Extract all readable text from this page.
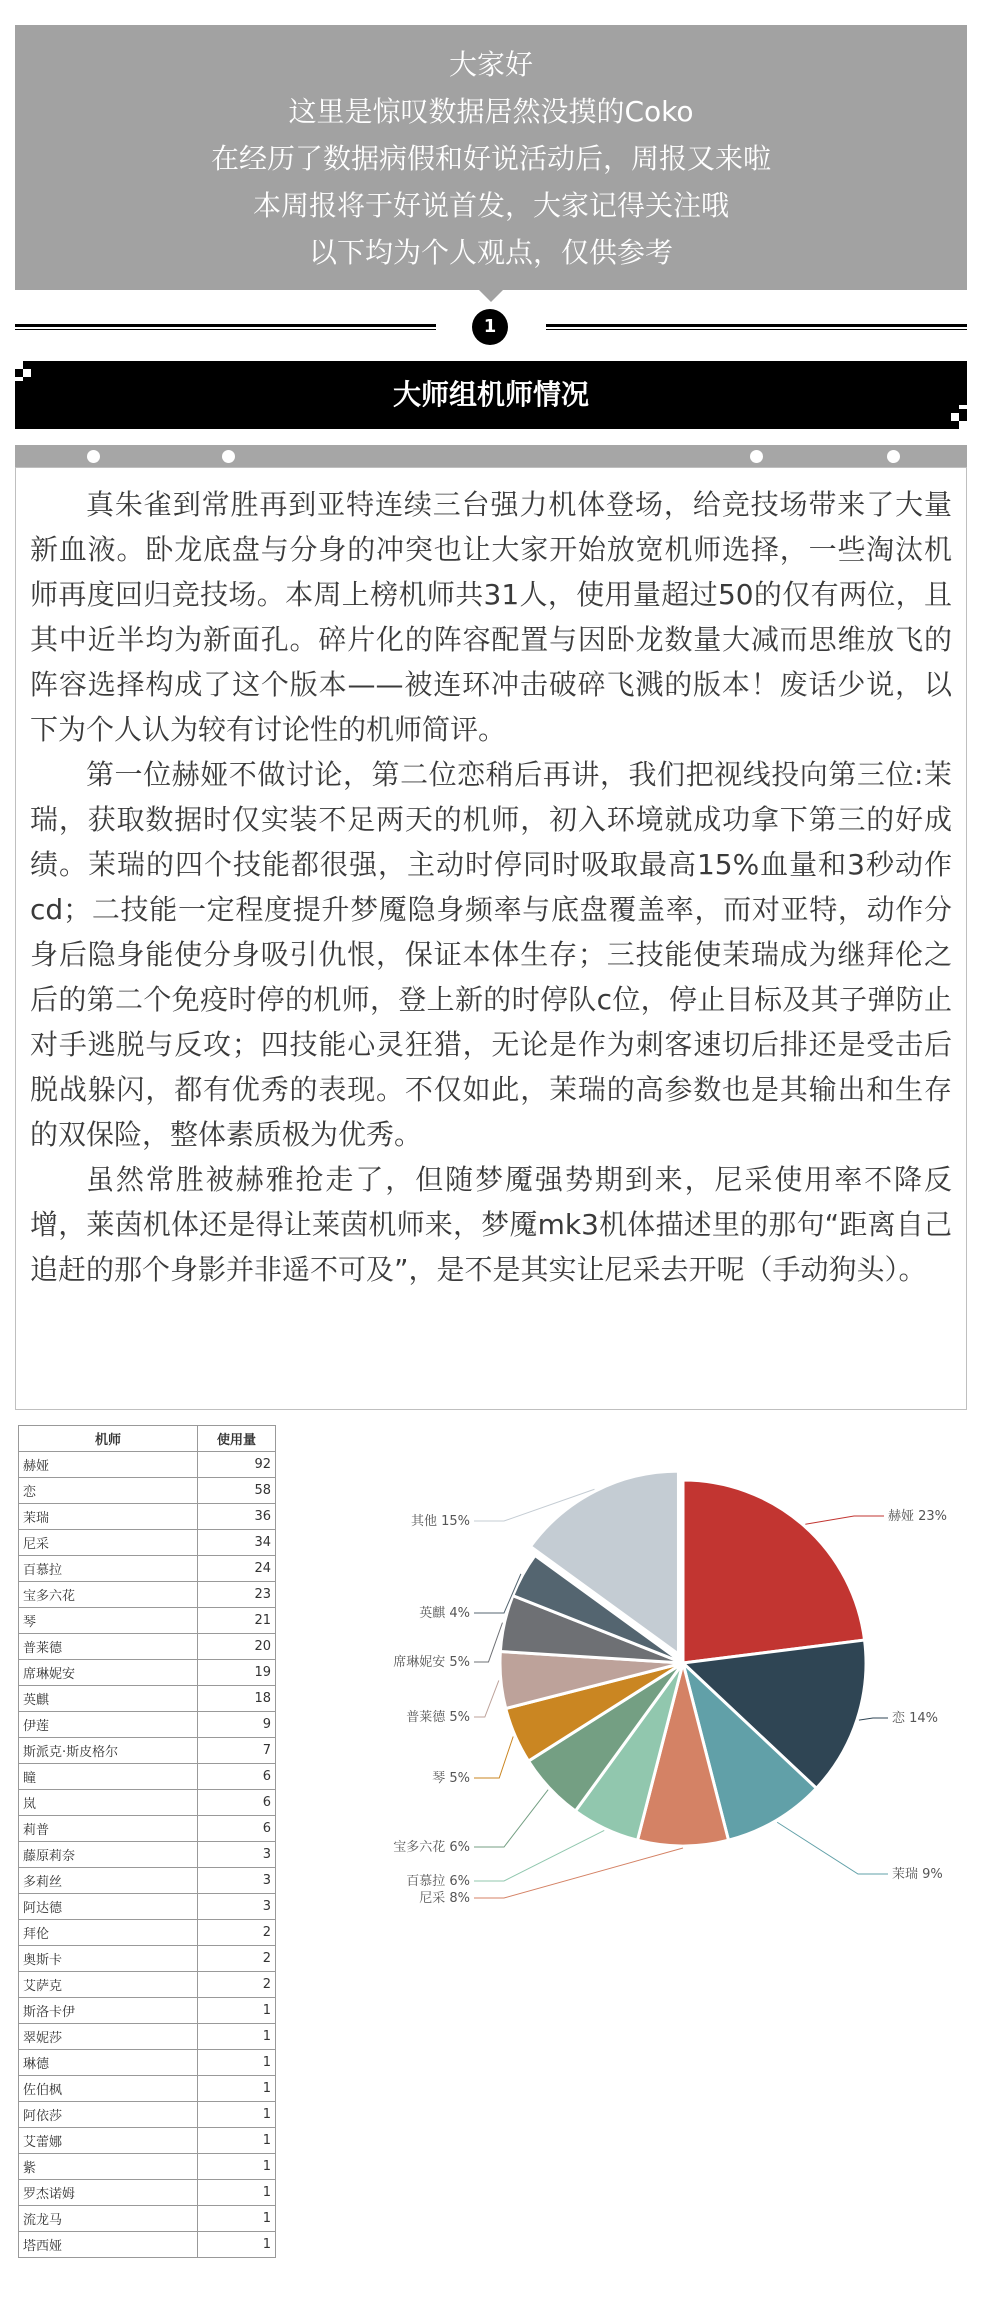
大家好
这里是惊叹数据居然没摸的Coko
在经历了数据病假和好说活动后，周报又来啦
本周报将于好说首发，大家记得关注哦
以下均为个人观点，仅供参考
1
大师组机师情况

真朱雀到常胜再到亚特连续三台强力机体登场，给竞技场带来了大量新血液。卧龙底盘与分身的冲突也让大家开始放宽机师选择，一些淘汰机师再度回归竞技场。本周上榜机师共31人，使用量超过50的仅有两位，且其中近半均为新面孔。碎片化的阵容配置与因卧龙数量大减而思维放飞的阵容选择构成了这个版本——被连环冲击破碎飞溅的版本！废话少说，以下为个人认为较有讨论性的机师简评。

第一位赫娅不做讨论，第二位恋稍后再讲，我们把视线投向第三位:茉瑞，获取数据时仅实装不足两天的机师，初入环境就成功拿下第三的好成绩。茉瑞的四个技能都很强，主动时停同时吸取最高15%血量和3秒动作cd；二技能一定程度提升梦魇隐身频率与底盘覆盖率，而对亚特，动作分身后隐身能使分身吸引仇恨，保证本体生存；三技能使茉瑞成为继拜伦之后的第二个免疫时停的机师，登上新的时停队c位，停止目标及其子弹防止对手逃脱与反攻；四技能心灵狂猎，无论是作为刺客速切后排还是受击后脱战躲闪，都有优秀的表现。不仅如此，茉瑞的高参数也是其输出和生存的双保险，整体素质极为优秀。

虽然常胜被赫雅抢走了，但随梦魇强势期到来，尼采使用率不降反增，莱茵机体还是得让莱茵机师来，梦魇mk3机体描述里的那句“距离自己追赶的那个身影并非遥不可及”，是不是其实让尼采去开呢（手动狗头）。

机师	使用量
赫娅	92
恋	58
茉瑞	36
尼采	34
百慕拉	24
宝多六花	23
琴	21
普莱德	20
席琳妮安	19
英麒	18
伊莲	9
斯派克·斯皮格尔	7
瞳	6
岚	6
莉普	6
藤原莉奈	3
多莉丝	3
阿达德	3
拜伦	2
奥斯卡	2
艾萨克	2
斯洛卡伊	1
翠妮莎	1
琳德	1
佐伯枫	1
阿依莎	1
艾蕾娜	1
紫	1
罗杰诺姆	1
流龙马	1
塔西娅	1
赫娅 23%
恋 14%
茉瑞 9%
尼采 8%
百慕拉 6%
宝多六花 6%
琴 5%
普莱德 5%
席琳妮安 5%
英麒 4%
其他 15%
